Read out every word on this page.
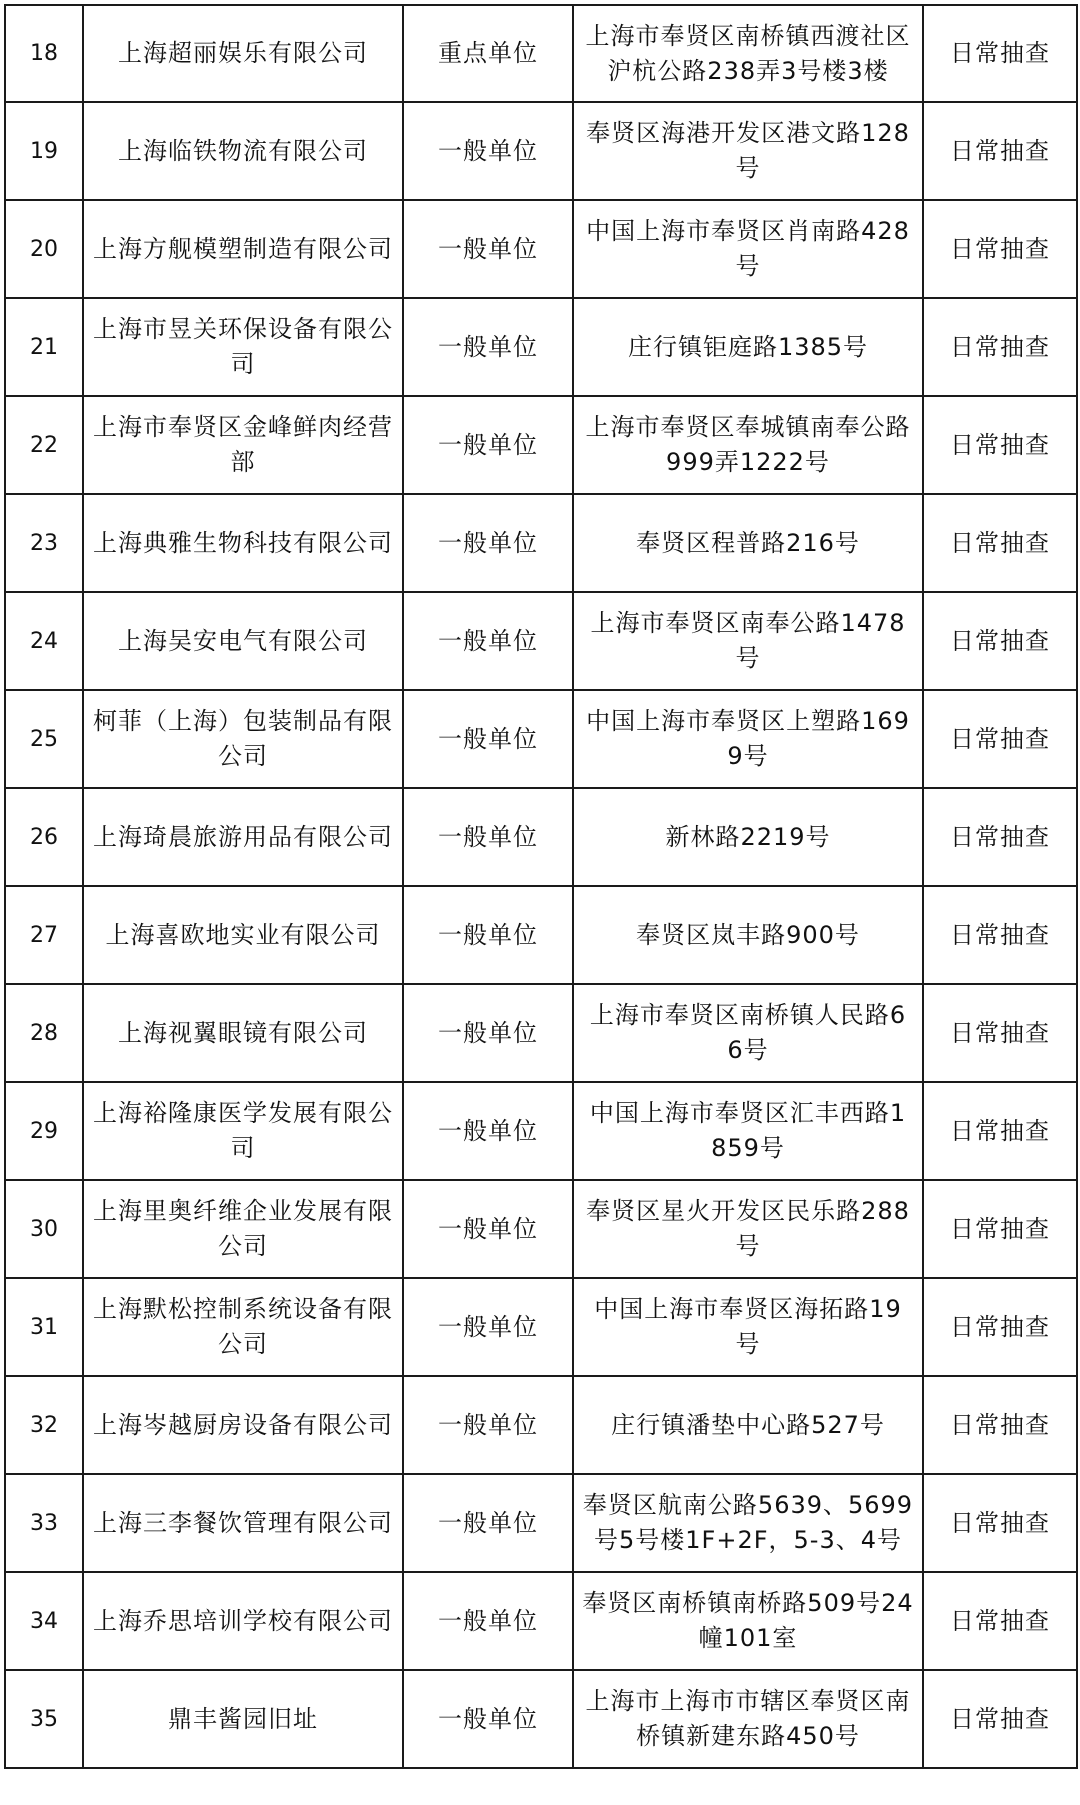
18	上海超丽娱乐有限公司	重点单位	上海市奉贤区南桥镇西渡社区沪杭公路238弄3号楼3楼	日常抽查
19	上海临铁物流有限公司	一般单位	奉贤区海港开发区港文路128号	日常抽查
20	上海方舰模塑制造有限公司	一般单位	中国上海市奉贤区肖南路428号	日常抽查
21	上海市昱关环保设备有限公司	一般单位	庄行镇钜庭路1385号	日常抽查
22	上海市奉贤区金峰鲜肉经营部	一般单位	上海市奉贤区奉城镇南奉公路999弄1222号	日常抽查
23	上海典雅生物科技有限公司	一般单位	奉贤区程普路216号	日常抽查
24	上海吴安电气有限公司	一般单位	上海市奉贤区南奉公路1478号	日常抽查
25	柯菲（上海）包装制品有限公司	一般单位	中国上海市奉贤区上塑路1699号	日常抽查
26	上海琦晨旅游用品有限公司	一般单位	新林路2219号	日常抽查
27	上海喜欧地实业有限公司	一般单位	奉贤区岚丰路900号	日常抽查
28	上海视翼眼镜有限公司	一般单位	上海市奉贤区南桥镇人民路66号	日常抽查
29	上海裕隆康医学发展有限公司	一般单位	中国上海市奉贤区汇丰西路1859号	日常抽查
30	上海里奥纤维企业发展有限公司	一般单位	奉贤区星火开发区民乐路288号	日常抽查
31	上海默松控制系统设备有限公司	一般单位	中国上海市奉贤区海拓路19号	日常抽查
32	上海岑越厨房设备有限公司	一般单位	庄行镇潘垫中心路527号	日常抽查
33	上海三李餐饮管理有限公司	一般单位	奉贤区航南公路5639、5699号5号楼1F+2F，5-3、4号	日常抽查
34	上海乔思培训学校有限公司	一般单位	奉贤区南桥镇南桥路509号24幢101室	日常抽查
35	鼎丰酱园旧址	一般单位	上海市上海市市辖区奉贤区南桥镇新建东路450号	日常抽查
